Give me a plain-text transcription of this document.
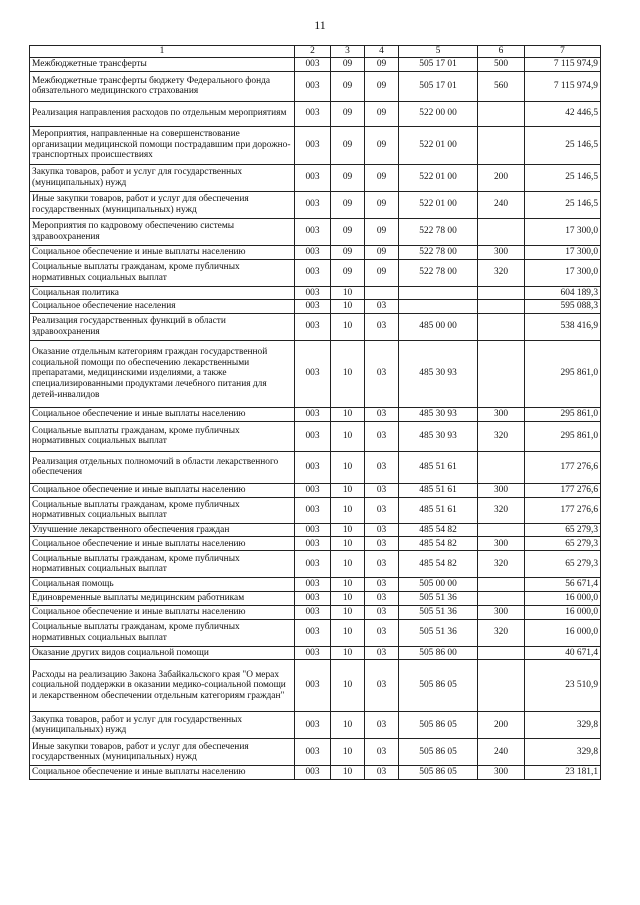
11
1	2	3	4	5	6	7
Межбюджетные трансферты	003	09	09	505 17 01	500	7 115 974,9
Межбюджетные трансферты бюджету Федерального фонда обязательного медицинского страхования	003	09	09	505 17 01	560	7 115 974,9
Реализация направления расходов по отдельным мероприятиям	003	09	09	522 00 00		42 446,5
Мероприятия, направленные на совершенствование организации медицинской помощи пострадавшим при дорожно-транспортных происшествиях	003	09	09	522 01 00		25 146,5
Закупка товаров, работ и услуг для государственных (муниципальных) нужд	003	09	09	522 01 00	200	25 146,5
Иные закупки товаров, работ и услуг для обеспечения государственных (муниципальных) нужд	003	09	09	522 01 00	240	25 146,5
Мероприятия по кадровому обеспечению системы здравоохранения	003	09	09	522 78 00		17 300,0
Социальное обеспечение и иные выплаты населению	003	09	09	522 78 00	300	17 300,0
Социальные выплаты гражданам, кроме публичных нормативных социальных выплат	003	09	09	522 78 00	320	17 300,0
Социальная политика	003	10				604 189,3
Социальное обеспечение населения	003	10	03			595 088,3
Реализация государственных функций в области здравоохранения	003	10	03	485 00 00		538 416,9
Оказание отдельным категориям граждан государственной социальной помощи по обеспечению лекарственными препаратами, медицинскими изделиями, а также специализированными продуктами лечебного питания для детей-инвалидов	003	10	03	485 30 93		295 861,0
Социальное обеспечение и иные выплаты населению	003	10	03	485 30 93	300	295 861,0
Социальные выплаты гражданам, кроме публичных нормативных социальных выплат	003	10	03	485 30 93	320	295 861,0
Реализация отдельных полномочий в области лекарственного обеспечения	003	10	03	485 51 61		177 276,6
Социальное обеспечение и иные выплаты населению	003	10	03	485 51 61	300	177 276,6
Социальные выплаты гражданам, кроме публичных нормативных социальных выплат	003	10	03	485 51 61	320	177 276,6
Улучшение лекарственного обеспечения граждан	003	10	03	485 54 82		65 279,3
Социальное обеспечение и иные выплаты населению	003	10	03	485 54 82	300	65 279,3
Социальные выплаты гражданам, кроме публичных нормативных социальных выплат	003	10	03	485 54 82	320	65 279,3
Социальная помощь	003	10	03	505 00 00		56 671,4
Единовременные выплаты медицинским работникам	003	10	03	505 51 36		16 000,0
Социальное обеспечение и иные выплаты населению	003	10	03	505 51 36	300	16 000,0
Социальные выплаты гражданам, кроме публичных нормативных социальных выплат	003	10	03	505 51 36	320	16 000,0
Оказание других видов социальной помощи	003	10	03	505 86 00		40 671,4
Расходы на реализацию Закона Забайкальского края "О мерах социальной поддержки в оказании медико-социальной помощи и лекарственном обеспечении отдельным категориям граждан"	003	10	03	505 86 05		23 510,9
Закупка товаров, работ и услуг для государственных (муниципальных) нужд	003	10	03	505 86 05	200	329,8
Иные закупки товаров, работ и услуг для обеспечения государственных (муниципальных) нужд	003	10	03	505 86 05	240	329,8
Социальное обеспечение и иные выплаты населению	003	10	03	505 86 05	300	23 181,1
